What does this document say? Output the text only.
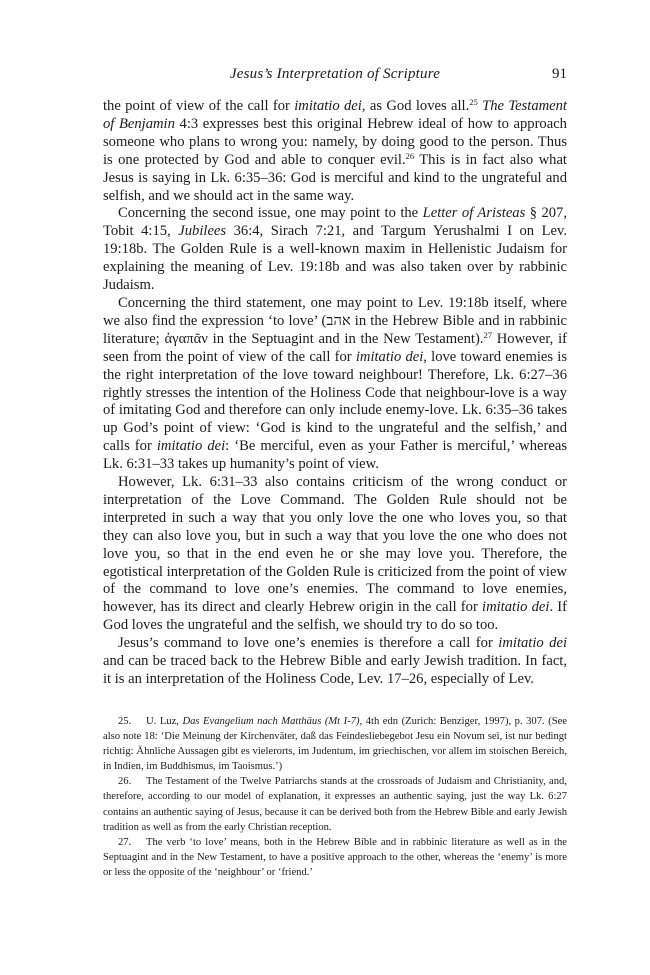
Jesus’s Interpretation of Scripture	91

the point of view of the call for imitatio dei, as God loves all.$^{25}$ The Testament of Benjamin 4:3 expresses best this original Hebrew ideal of how to approach someone who plans to wrong you: namely, by doing good to the person. Thus is one protected by God and able to conquer evil.$^{26}$ This is in fact also what Jesus is saying in Lk. 6:35–36: God is merciful and kind to the ungrateful and selfish, and we should act in the same way.

Concerning the second issue, one may point to the Letter of Aristeas § 207, Tobit 4:15, Jubilees 36:4, Sirach 7:21, and Targum Yerushalmi I on Lev. 19:18b. The Golden Rule is a well-known maxim in Hellenistic Judaism for explaining the meaning of Lev. 19:18b and was also taken over by rabbinic Judaism.

Concerning the third statement, one may point to Lev. 19:18b itself, where we also find the expression ‘to love’ (אהב in the Hebrew Bible and in rabbinic literature; ἀγαπᾶν in the Septuagint and in the New Testament).$^{27}$ However, if seen from the point of view of the call for imitatio dei, love toward enemies is the right interpretation of the love toward neighbour! Therefore, Lk. 6:27–36 rightly stresses the intention of the Holiness Code that neighbour-love is a way of imitating God and therefore can only include enemy-love. Lk. 6:35–36 takes up God’s point of view: ‘God is kind to the ungrateful and the selfish,’ and calls for imitatio dei: ‘Be merciful, even as your Father is merciful,’ whereas Lk. 6:31–33 takes up humanity’s point of view.

However, Lk. 6:31–33 also contains criticism of the wrong conduct or interpretation of the Love Command. The Golden Rule should not be interpreted in such a way that you only love the one who loves you, so that they can also love you, but in such a way that you love the one who does not love you, so that in the end even he or she may love you. Therefore, the egotistical interpretation of the Golden Rule is criticized from the point of view of the command to love one’s enemies. The command to love enemies, however, has its direct and clearly Hebrew origin in the call for imitatio dei. If God loves the ungrateful and the selfish, we should try to do so too.

Jesus’s command to love one’s enemies is therefore a call for imitatio dei and can be traced back to the Hebrew Bible and early Jewish tradition. In fact, it is an interpretation of the Holiness Code, Lev. 17–26, especially of Lev.

25. U. Luz, Das Evangelium nach Matthäus (Mt I-7), 4th edn (Zurich: Benziger, 1997), p. 307. (See also note 18: ‘Die Meinung der Kirchenväter, daß das Feindesliebegebot Jesu ein Novum sei, ist nur bedingt richtig: Ähnliche Aussagen gibt es vielerorts, im Judentum, im griechischen, vor allem im stoischen Bereich, in Indien, im Buddhismus, im Taoismus.’)

26. The Testament of the Twelve Patriarchs stands at the crossroads of Judaism and Christianity, and, therefore, according to our model of explanation, it expresses an authentic saying, just the way Lk. 6:27 contains an authentic saying of Jesus, because it can be derived both from the Hebrew Bible and early Jewish tradition as well as from the early Christian reception.

27. The verb ‘to love’ means, both in the Hebrew Bible and in rabbinic literature as well as in the Septuagint and in the New Testament, to have a positive approach to the other, whereas the ‘enemy’ is more or less the opposite of the ‘neighbour’ or ‘friend.’
